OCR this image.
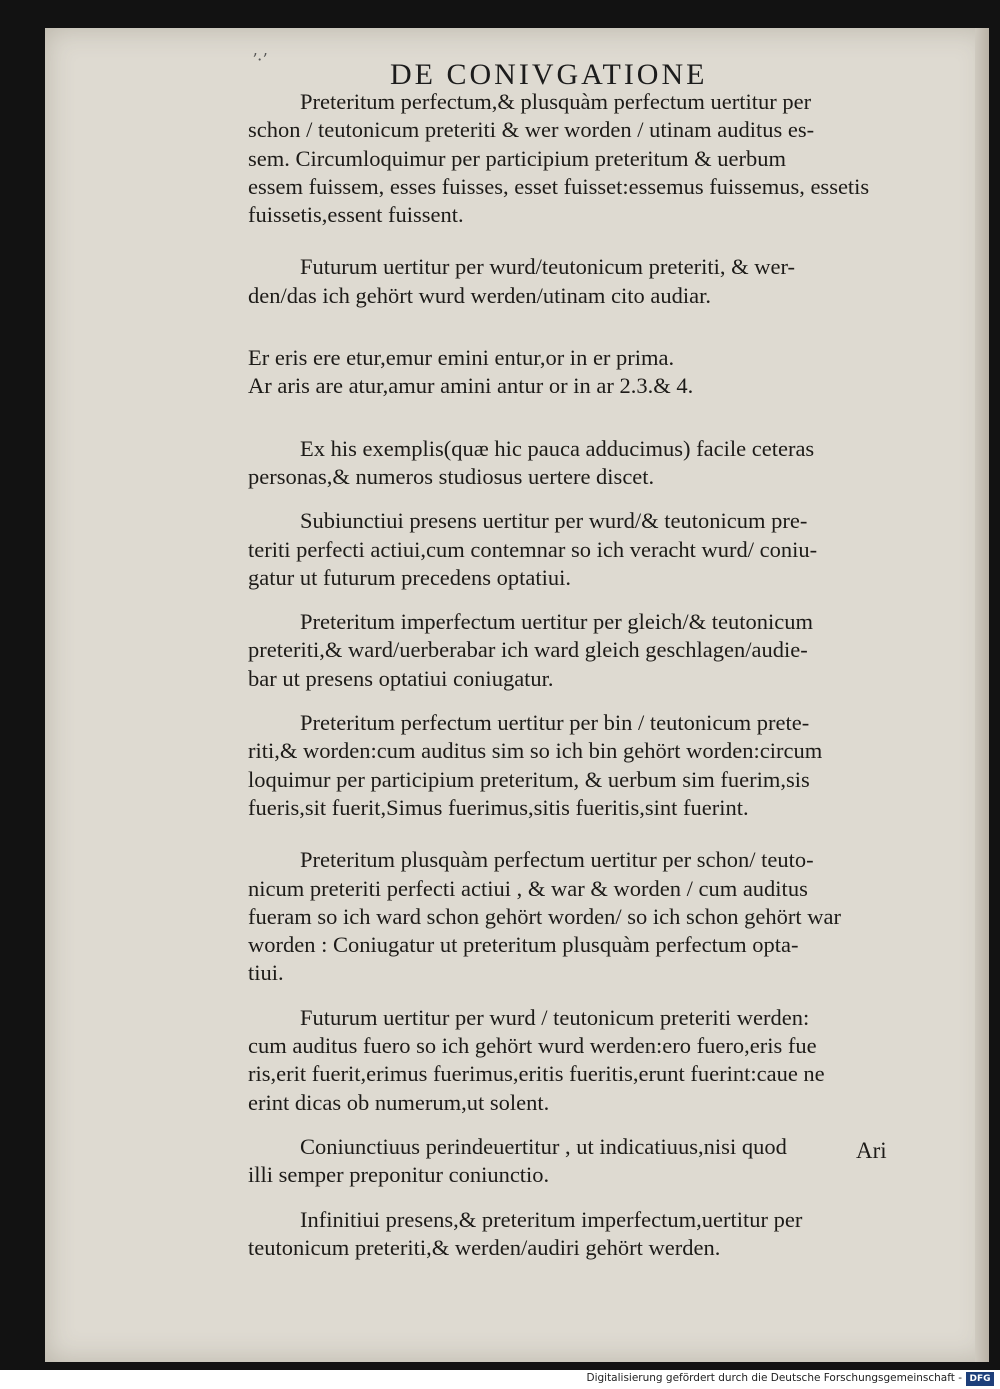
ʼ·ʼ	DE CONIVGATIONE

Preteritum perfectum,& plusquàm perfectum uertitur per
schon / teutonicum preteriti & wer worden / utinam auditus es-
sem. Circumloquimur per participium preteritum & uerbum
essem fuissem, esses fuisses, esset fuisset:essemus fuissemus, essetis
fuissetis,essent fuissent.

Futurum uertitur per wurd/teutonicum preteriti, & wer-
den/das ich gehört wurd werden/utinam cito audiar.

Er eris ere etur,emur emini entur,or in er prima.
Ar aris are atur,amur amini antur or in ar 2.3.& 4.

Ex his exemplis(quæ hic pauca adducimus) facile ceteras
personas,& numeros studiosus uertere discet.

Subiunctiui presens uertitur per wurd/& teutonicum pre-
teriti perfecti actiui,cum contemnar so ich veracht wurd/ coniu-
gatur ut futurum precedens optatiui.

Preteritum imperfectum uertitur per gleich/& teutonicum
preteriti,& ward/uerberabar ich ward gleich geschlagen/audie-
bar ut presens optatiui coniugatur.

Preteritum perfectum uertitur per bin / teutonicum prete-
riti,& worden:cum auditus sim so ich bin gehört worden:circum
loquimur per participium preteritum, & uerbum sim fuerim,sis
fueris,sit fuerit,Simus fuerimus,sitis fueritis,sint fuerint.

Preteritum plusquàm perfectum uertitur per schon/ teuto-
nicum preteriti perfecti actiui , & war & worden / cum auditus
fueram so ich ward schon gehört worden/ so ich schon gehört war
worden : Coniugatur ut preteritum plusquàm perfectum opta-
tiui.

Futurum uertitur per wurd / teutonicum preteriti werden:
cum auditus fuero so ich gehört wurd werden:ero fuero,eris fue
ris,erit fuerit,erimus fuerimus,eritis fueritis,erunt fuerint:caue ne
erint dicas ob numerum,ut solent.

Coniunctiuus perindeuertitur , ut indicatiuus,nisi quod
illi semper preponitur coniunctio.

Infinitiui presens,& preteritum imperfectum,uertitur per
teutonicum preteriti,& werden/audiri gehört werden.

Ari
Digitalisierung gefördert durch die Deutsche Forschungsgemeinschaft - DFG
